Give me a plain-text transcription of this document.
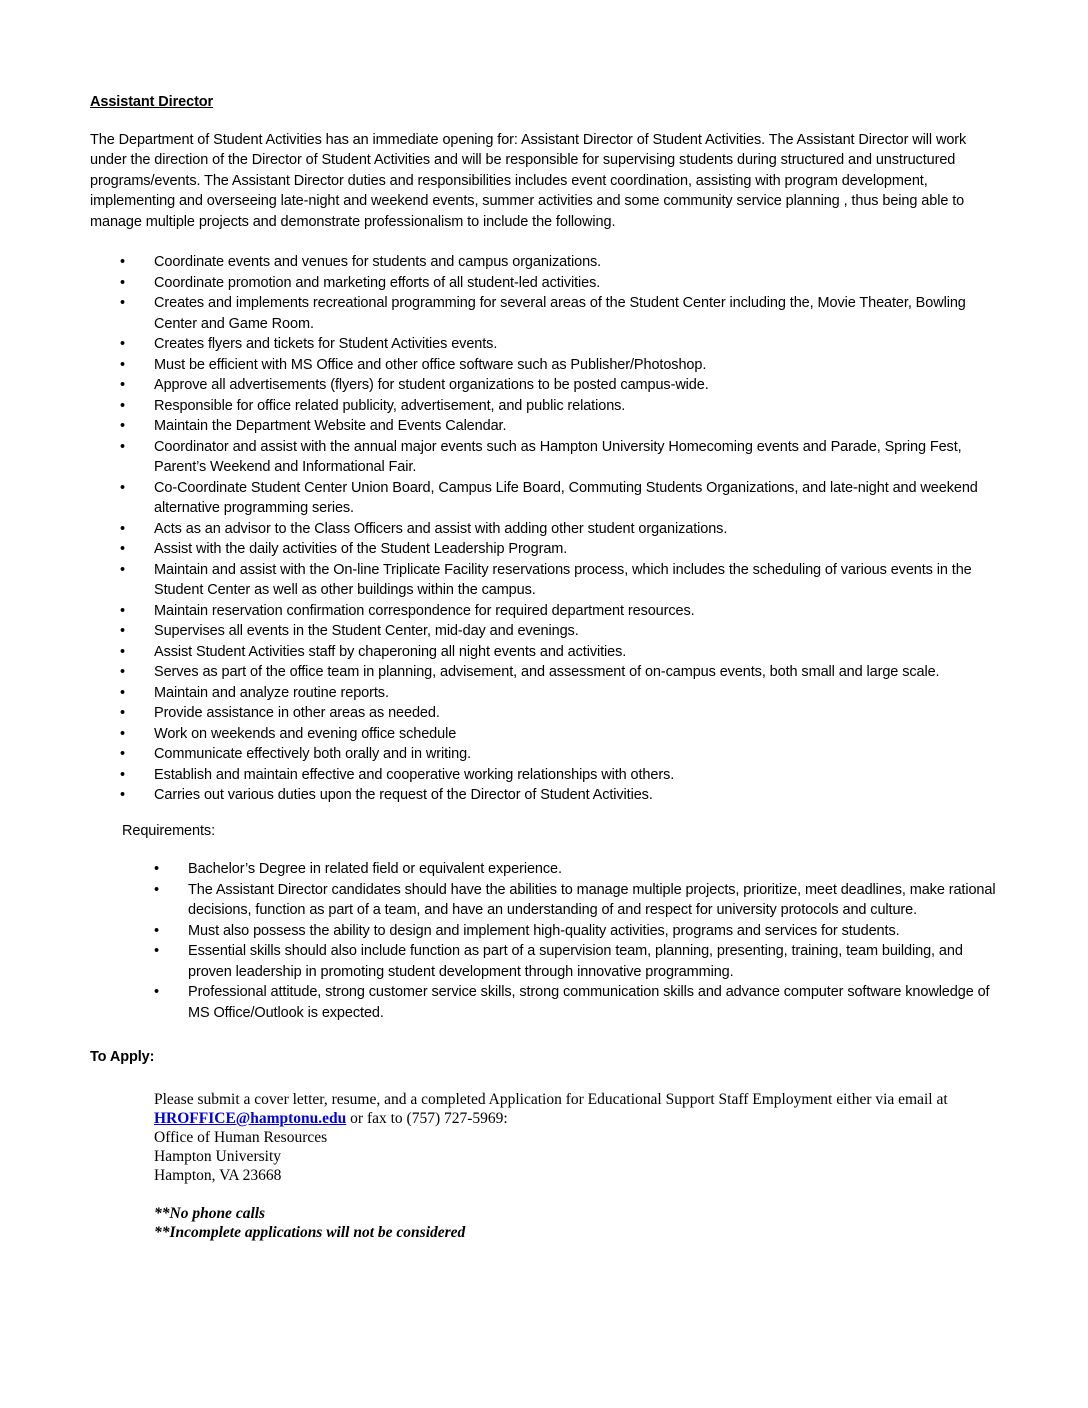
Assistant Director

The Department of Student Activities has an immediate opening for: Assistant Director of Student Activities. The Assistant Director will work under the direction of the Director of Student Activities and will be responsible for supervising students during structured and unstructured programs/events. The Assistant Director duties and responsibilities includes event coordination, assisting with program development, implementing and overseeing late-night and weekend events, summer activities and some community service planning , thus being able to manage multiple projects and demonstrate professionalism to include the following.

• Coordinate events and venues for students and campus organizations.
• Coordinate promotion and marketing efforts of all student-led activities.
• Creates and implements recreational programming for several areas of the Student Center including the, Movie Theater, Bowling Center and Game Room.
• Creates flyers and tickets for Student Activities events.
• Must be efficient with MS Office and other office software such as Publisher/Photoshop.
• Approve all advertisements (flyers) for student organizations to be posted campus-wide.
• Responsible for office related publicity, advertisement, and public relations.
• Maintain the Department Website and Events Calendar.
• Coordinator and assist with the annual major events such as Hampton University Homecoming events and Parade, Spring Fest, Parent’s Weekend and Informational Fair.
• Co-Coordinate Student Center Union Board, Campus Life Board, Commuting Students Organizations, and late-night and weekend alternative programming series.
• Acts as an advisor to the Class Officers and assist with adding other student organizations.
• Assist with the daily activities of the Student Leadership Program.
• Maintain and assist with the On-line Triplicate Facility reservations process, which includes the scheduling of various events in the Student Center as well as other buildings within the campus.
• Maintain reservation confirmation correspondence for required department resources.
• Supervises all events in the Student Center, mid-day and evenings.
• Assist Student Activities staff by chaperoning all night events and activities.
• Serves as part of the office team in planning, advisement, and assessment of on-campus events, both small and large scale.
• Maintain and analyze routine reports.
• Provide assistance in other areas as needed.
• Work on weekends and evening office schedule
• Communicate effectively both orally and in writing.
• Establish and maintain effective and cooperative working relationships with others.
• Carries out various duties upon the request of the Director of Student Activities.

Requirements:

• Bachelor’s Degree in related field or equivalent experience.
• The Assistant Director candidates should have the abilities to manage multiple projects, prioritize, meet deadlines, make rational decisions, function as part of a team, and have an understanding of and respect for university protocols and culture.
• Must also possess the ability to design and implement high-quality activities, programs and services for students.
• Essential skills should also include function as part of a supervision team, planning, presenting, training, team building, and proven leadership in promoting student development through innovative programming.
• Professional attitude, strong customer service skills, strong communication skills and advance computer software knowledge of MS Office/Outlook is expected.

To Apply:

Please submit a cover letter, resume, and a completed Application for Educational Support Staff Employment either via email at HROFFICE@hamptonu.edu or fax to (757) 727-5969:

Office of Human Resources
Hampton University
Hampton, VA 23668
**No phone calls
**Incomplete applications will not be considered
